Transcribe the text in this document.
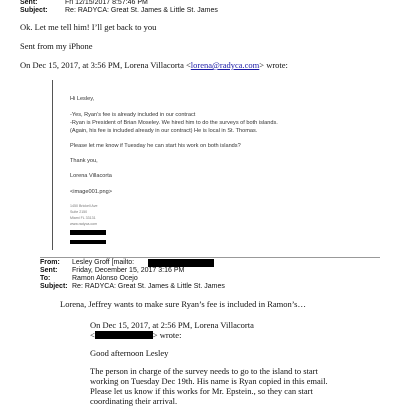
Sent:	Fri 12/15/2017 8:57:46 PM
Subject: Re: RADYCA: Great St. James & Little St. James
Ok. Let me tell him! I’ll get back to you
Sent from my iPhone
On Dec 15, 2017, at 3:56 PM, Lorena Villacorta <lorena@radyca.com> wrote:
Hi Lesley,
-Yes, Ryan’s fee is already included in our contract
-Ryan is President of Brian Moseley. We hired him to do the surveys of both islands.
(Again, his fee is included already in our contract) He is local in St. Thomas.
Please let me know if Tuesday he can start his work on both islands?
Thank you,
Lorena Villacorta
<image001.png>
1450 Brickell Ave
Suite 2150
Miami FL 33131
www.radyca.com
From: Lesley Groff [mailto:
Sent: Friday, December 15, 2017 3:16 PM
To:	Ramon Alonso Ocejo
Subject: Re: RADYCA: Great St. James & Little St. James
Lorena, Jeffrey wants to make sure Ryan’s fee is included in Ramon’s…
On Dec 15, 2017, at 2:56 PM, Lorena Villacorta
<	> wrote:
Good afternoon Lesley
The person in charge of the survey needs to go to the island to start
working on Tuesday Dec 19th. His name is Ryan copied in this email.
Please let us know if this works for Mr. Epstein., so they can start
coordinating their arrival.
